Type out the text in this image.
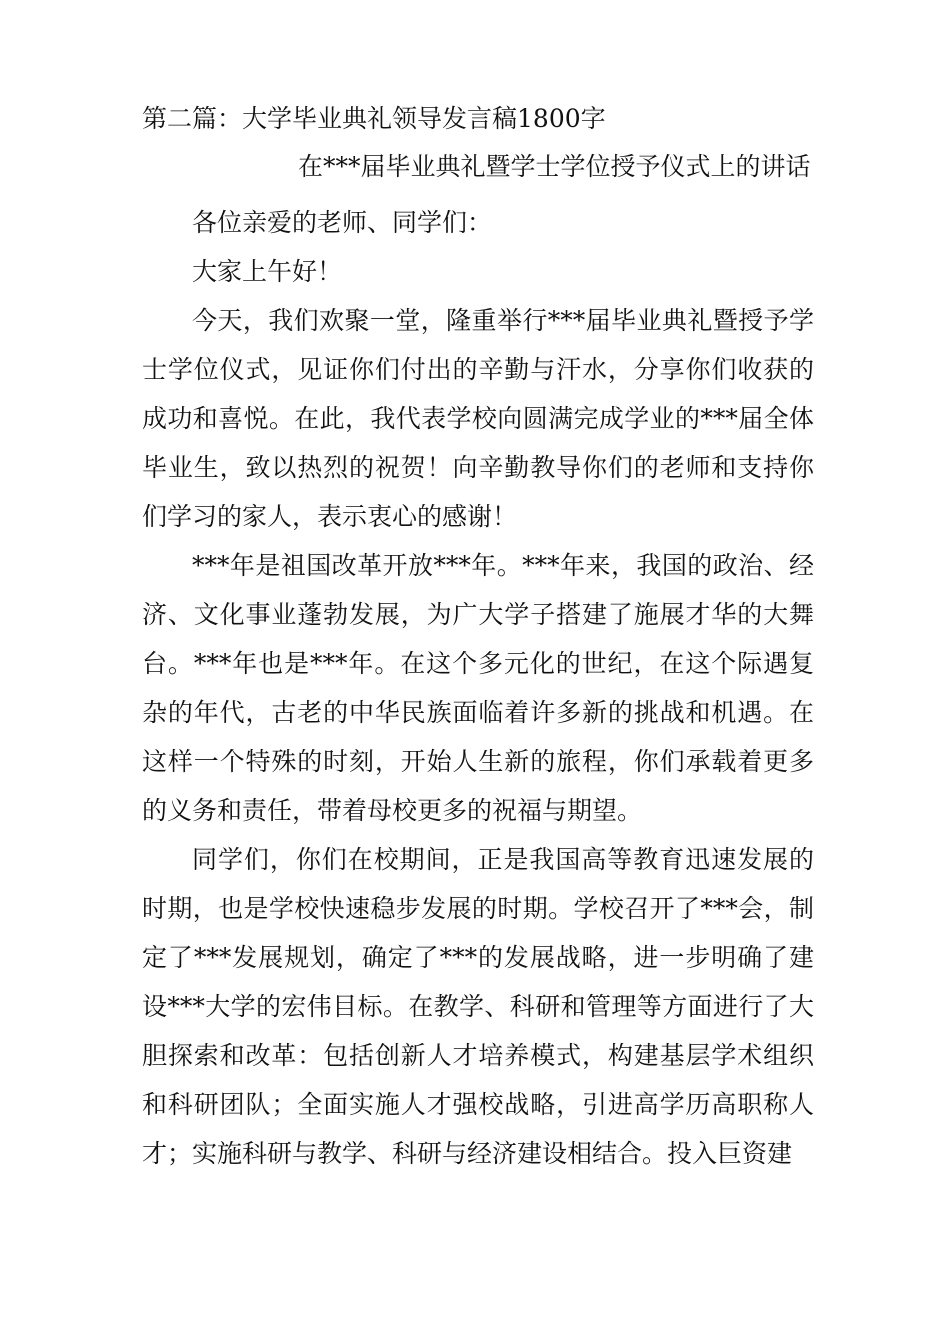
第二篇：大学毕业典礼领导发言稿1800字
在***届毕业典礼暨学士学位授予仪式上的讲话

各位亲爱的老师、同学们：

大家上午好！

今天，我们欢聚一堂，隆重举行***届毕业典礼暨授予学士学位仪式，见证你们付出的辛勤与汗水，分享你们收获的成功和喜悦。在此，我代表学校向圆满完成学业的***届全体毕业生，致以热烈的祝贺！向辛勤教导你们的老师和支持你们学习的家人，表示衷心的感谢！

***年是祖国改革开放***年。***年来，我国的政治、经济、文化事业蓬勃发展，为广大学子搭建了施展才华的大舞台。***年也是***年。在这个多元化的世纪，在这个际遇复杂的年代，古老的中华民族面临着许多新的挑战和机遇。在这样一个特殊的时刻，开始人生新的旅程，你们承载着更多的义务和责任，带着母校更多的祝福与期望。

同学们，你们在校期间，正是我国高等教育迅速发展的时期，也是学校快速稳步发展的时期。学校召开了***会，制定了***发展规划，确定了***的发展战略，进一步明确了建设***大学的宏伟目标。在教学、科研和管理等方面进行了大胆探索和改革：包括创新人才培养模式，构建基层学术组织和科研团队；全面实施人才强校战略，引进高学历高职称人才；实施科研与教学、科研与经济建设相结合。投入巨资建
